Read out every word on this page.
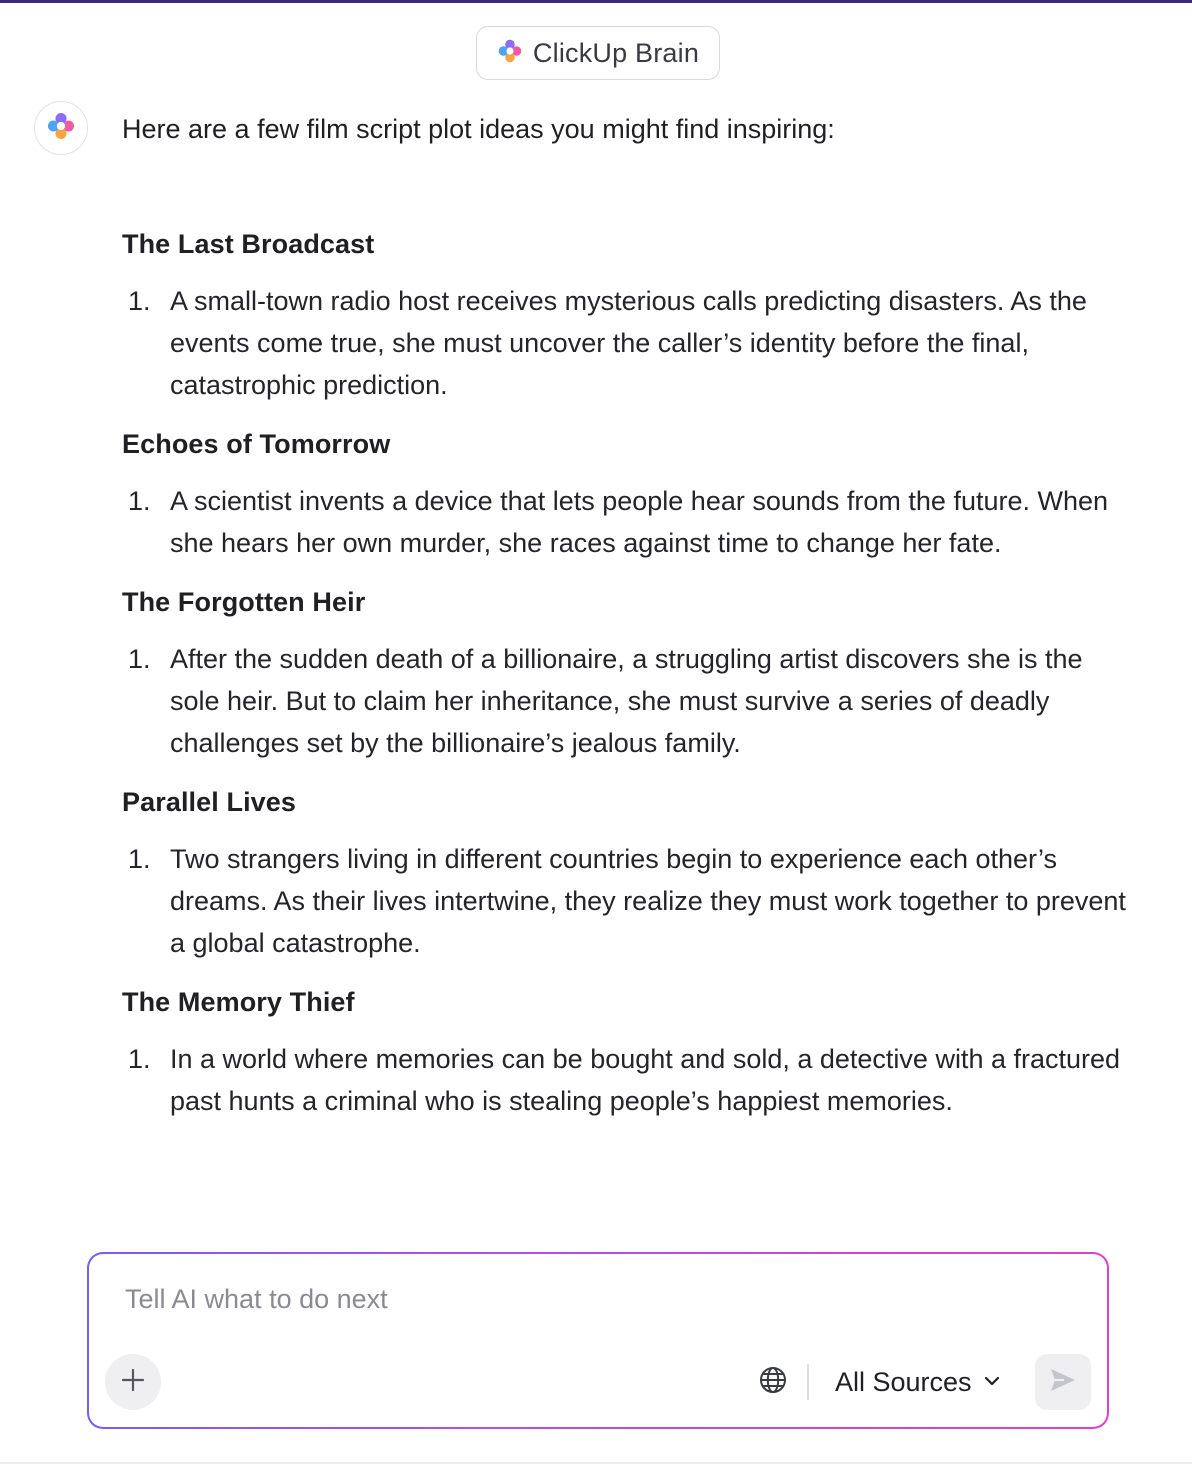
ClickUp Brain

Here are a few film script plot ideas you might find inspiring:

The Last Broadcast
1. A small-town radio host receives mysterious calls predicting disasters. As the events come true, she must uncover the caller’s identity before the final, catastrophic prediction.
Echoes of Tomorrow
1. A scientist invents a device that lets people hear sounds from the future. When she hears her own murder, she races against time to change her fate.
The Forgotten Heir
1. After the sudden death of a billionaire, a struggling artist discovers she is the sole heir. But to claim her inheritance, she must survive a series of deadly challenges set by the billionaire’s jealous family.
Parallel Lives
1. Two strangers living in different countries begin to experience each other’s dreams. As their lives intertwine, they realize they must work together to prevent a global catastrophe.
The Memory Thief
1. In a world where memories can be bought and sold, a detective with a fractured past hunts a criminal who is stealing people’s happiest memories.
Tell AI what to do next
All Sources
